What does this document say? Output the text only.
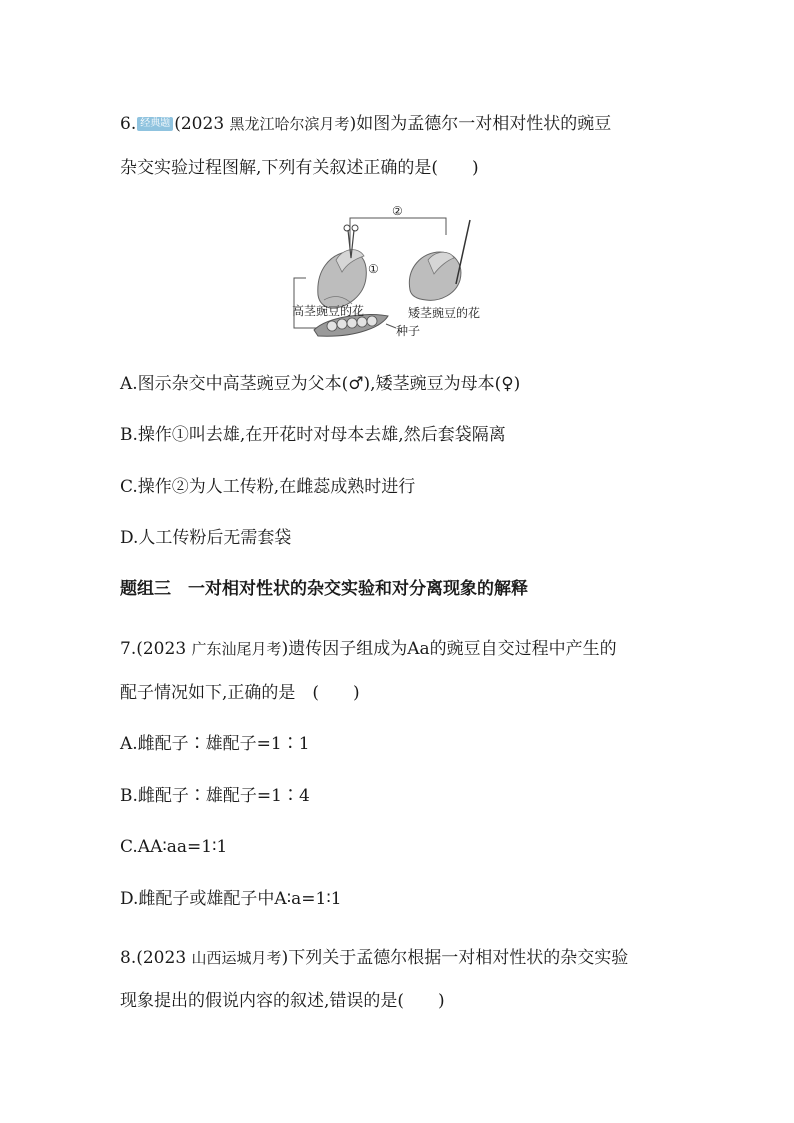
6. 经典题 (2023 黑龙江哈尔滨月考)如图为孟德尔一对相对性状的豌豆
杂交实验过程图解,下列有关叙述正确的是(　　)
②
①
高茎豌豆的花	矮茎豌豆的花
种子
A.图示杂交中高茎豌豆为父本(♂),矮茎豌豆为母本(♀)
B.操作①叫去雄,在开花时对母本去雄,然后套袋隔离
C.操作②为人工传粉,在雌蕊成熟时进行
D.人工传粉后无需套袋
题组三　一对相对性状的杂交实验和对分离现象的解释
7.(2023 广东汕尾月考)遗传因子组成为Aa的豌豆自交过程中产生的
配子情况如下,正确的是　(　　)
A.雌配子∶雄配子=1∶1
B.雌配子∶雄配子=1∶4
C.AA∶aa=1∶1
D.雌配子或雄配子中A∶a=1∶1
8.(2023 山西运城月考)下列关于孟德尔根据一对相对性状的杂交实验
现象提出的假说内容的叙述,错误的是(　　)
